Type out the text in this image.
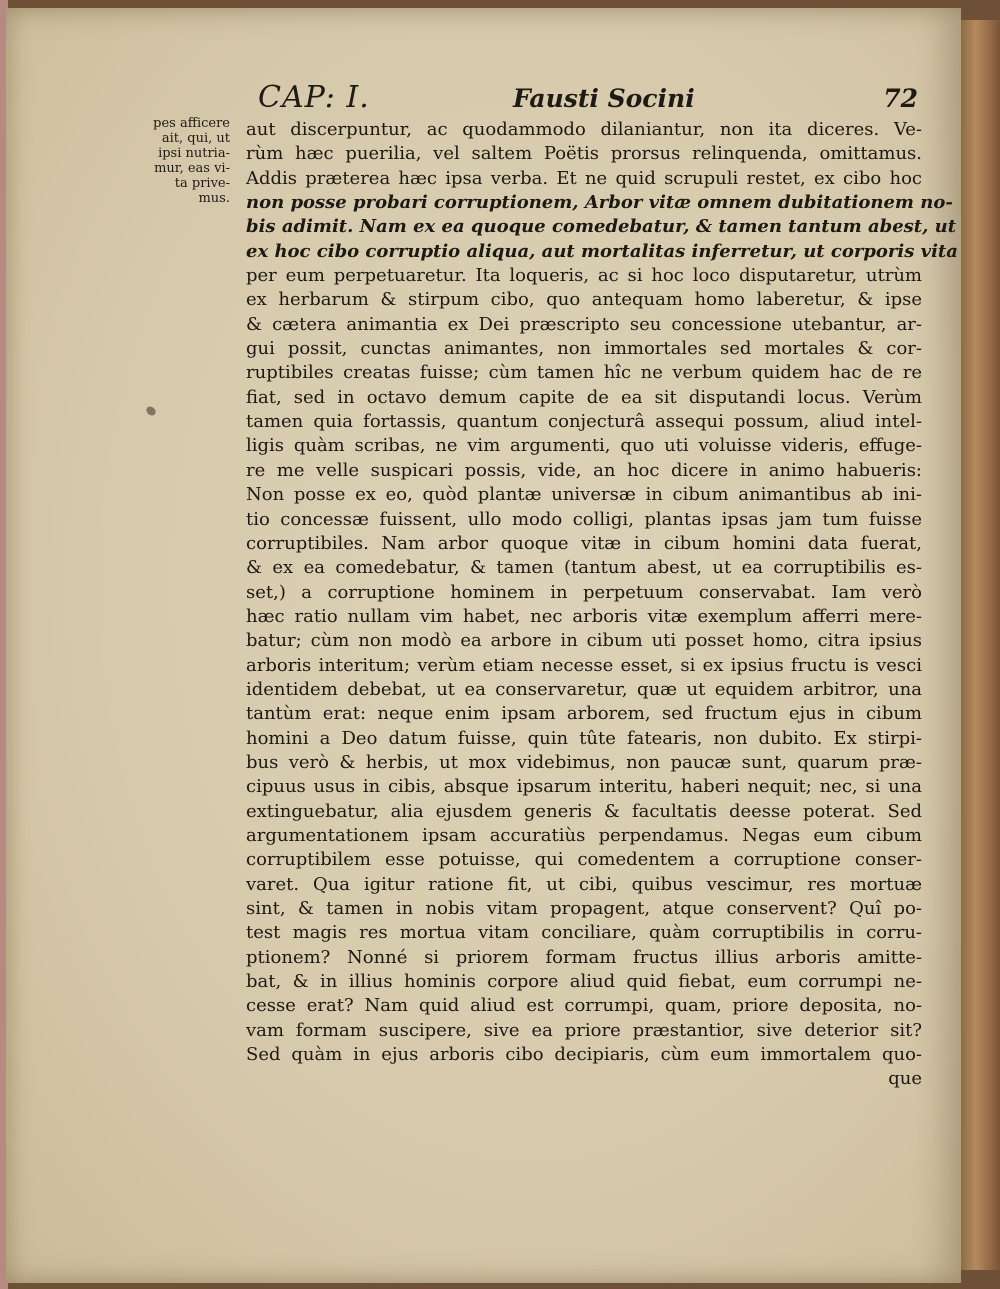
CAP: I.	Fausti Socini	72
pes afficere
ait, qui, ut
ipsi nutria-
mur, eas vi-
ta prive-
mus.
aut discerpuntur, ac quodammodo dilaniantur, non ita diceres. Ve-
rùm hæc puerilia, vel saltem Poëtis prorsus relinquenda, omittamus.
Addis præterea hæc ipsa verba. Et ne quid scrupuli restet, ex cibo hoc
non posse probari corruptionem, Arbor vitæ omnem dubitationem no-
bis adimit. Nam ex ea quoque comedebatur, & tamen tantum abest, ut
ex hoc cibo corruptio aliqua, aut mortalitas inferretur, ut corporis vita
per eum perpetuaretur. Ita loqueris, ac si hoc loco disputaretur, utrùm
ex herbarum & stirpum cibo, quo antequam homo laberetur, & ipse
& cætera animantia ex Dei præscripto seu concessione utebantur, ar-
gui possit, cunctas animantes, non immortales sed mortales & cor-
ruptibiles creatas fuisse; cùm tamen hîc ne verbum quidem hac de re
fiat, sed in octavo demum capite de ea sit disputandi locus. Verùm
tamen quia fortassis, quantum conjecturâ assequi possum, aliud intel-
ligis quàm scribas, ne vim argumenti, quo uti voluisse videris, effuge-
re me velle suspicari possis, vide, an hoc dicere in animo habueris:
Non posse ex eo, quòd plantæ universæ in cibum animantibus ab ini-
tio concessæ fuissent, ullo modo colligi, plantas ipsas jam tum fuisse
corruptibiles. Nam arbor quoque vitæ in cibum homini data fuerat,
& ex ea comedebatur, & tamen (tantum abest, ut ea corruptibilis es-
set,) a corruptione hominem in perpetuum conservabat. Iam verò
hæc ratio nullam vim habet, nec arboris vitæ exemplum afferri mere-
batur; cùm non modò ea arbore in cibum uti posset homo, citra ipsius
arboris interitum; verùm etiam necesse esset, si ex ipsius fructu is vesci
identidem debebat, ut ea conservaretur, quæ ut equidem arbitror, una
tantùm erat: neque enim ipsam arborem, sed fructum ejus in cibum
homini a Deo datum fuisse, quin tûte fatearis, non dubito. Ex stirpi-
bus verò & herbis, ut mox videbimus, non paucæ sunt, quarum præ-
cipuus usus in cibis, absque ipsarum interitu, haberi nequit; nec, si una
extinguebatur, alia ejusdem generis & facultatis deesse poterat. Sed
argumentationem ipsam accuratiùs perpendamus. Negas eum cibum
corruptibilem esse potuisse, qui comedentem a corruptione conser-
varet. Qua igitur ratione fit, ut cibi, quibus vescimur, res mortuæ
sint, & tamen in nobis vitam propagent, atque conservent? Quî po-
test magis res mortua vitam conciliare, quàm corruptibilis in corru-
ptionem? Nonné si priorem formam fructus illius arboris amitte-
bat, & in illius hominis corpore aliud quid fiebat, eum corrumpi ne-
cesse erat? Nam quid aliud est corrumpi, quam, priore deposita, no-
vam formam suscipere, sive ea priore præstantior, sive deterior sit?
Sed quàm in ejus arboris cibo decipiaris, cùm eum immortalem quo-
que
